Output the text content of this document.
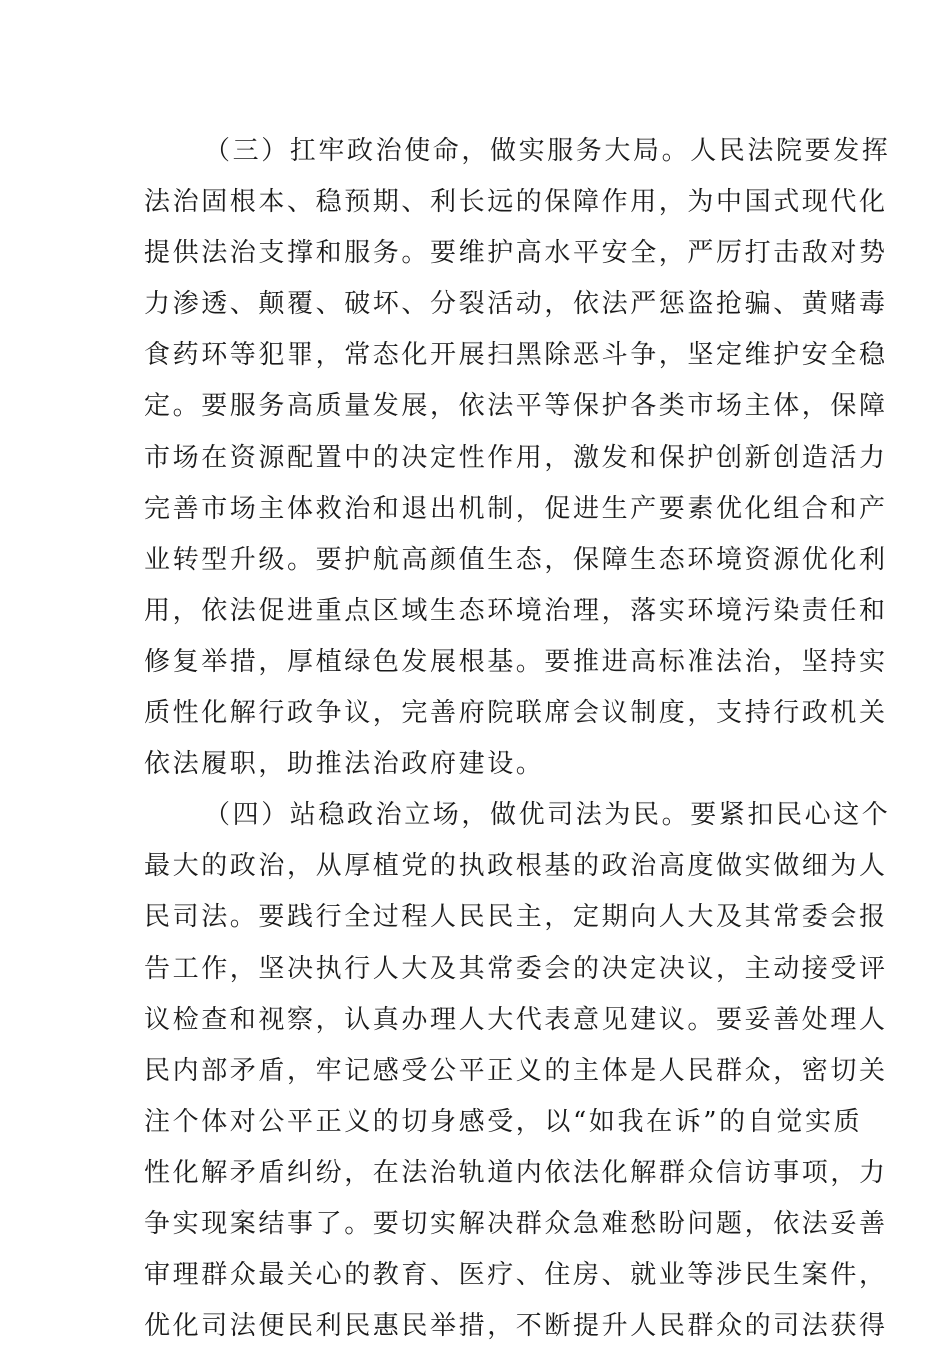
（三）扛牢政治使命，做实服务大局。人民法院要发挥
法治固根本、稳预期、利长远的保障作用，为中国式现代化
提供法治支撑和服务。要维护高水平安全，严厉打击敌对势
力渗透、颠覆、破坏、分裂活动，依法严惩盗抢骗、黄赌毒
食药环等犯罪，常态化开展扫黑除恶斗争，坚定维护安全稳
定。要服务高质量发展，依法平等保护各类市场主体，保障
市场在资源配置中的决定性作用，激发和保护创新创造活力
完善市场主体救治和退出机制，促进生产要素优化组合和产
业转型升级。要护航高颜值生态，保障生态环境资源优化利
用，依法促进重点区域生态环境治理，落实环境污染责任和
修复举措，厚植绿色发展根基。要推进高标准法治，坚持实
质性化解行政争议，完善府院联席会议制度，支持行政机关
依法履职，助推法治政府建设。
（四）站稳政治立场，做优司法为民。要紧扣民心这个
最大的政治，从厚植党的执政根基的政治高度做实做细为人
民司法。要践行全过程人民民主，定期向人大及其常委会报
告工作，坚决执行人大及其常委会的决定决议，主动接受评
议检查和视察，认真办理人大代表意见建议。要妥善处理人
民内部矛盾，牢记感受公平正义的主体是人民群众，密切关
注个体对公平正义的切身感受，以“如我在诉”的自觉实质
性化解矛盾纠纷，在法治轨道内依法化解群众信访事项，力
争实现案结事了。要切实解决群众急难愁盼问题，依法妥善
审理群众最关心的教育、医疗、住房、就业等涉民生案件，
优化司法便民利民惠民举措，不断提升人民群众的司法获得
